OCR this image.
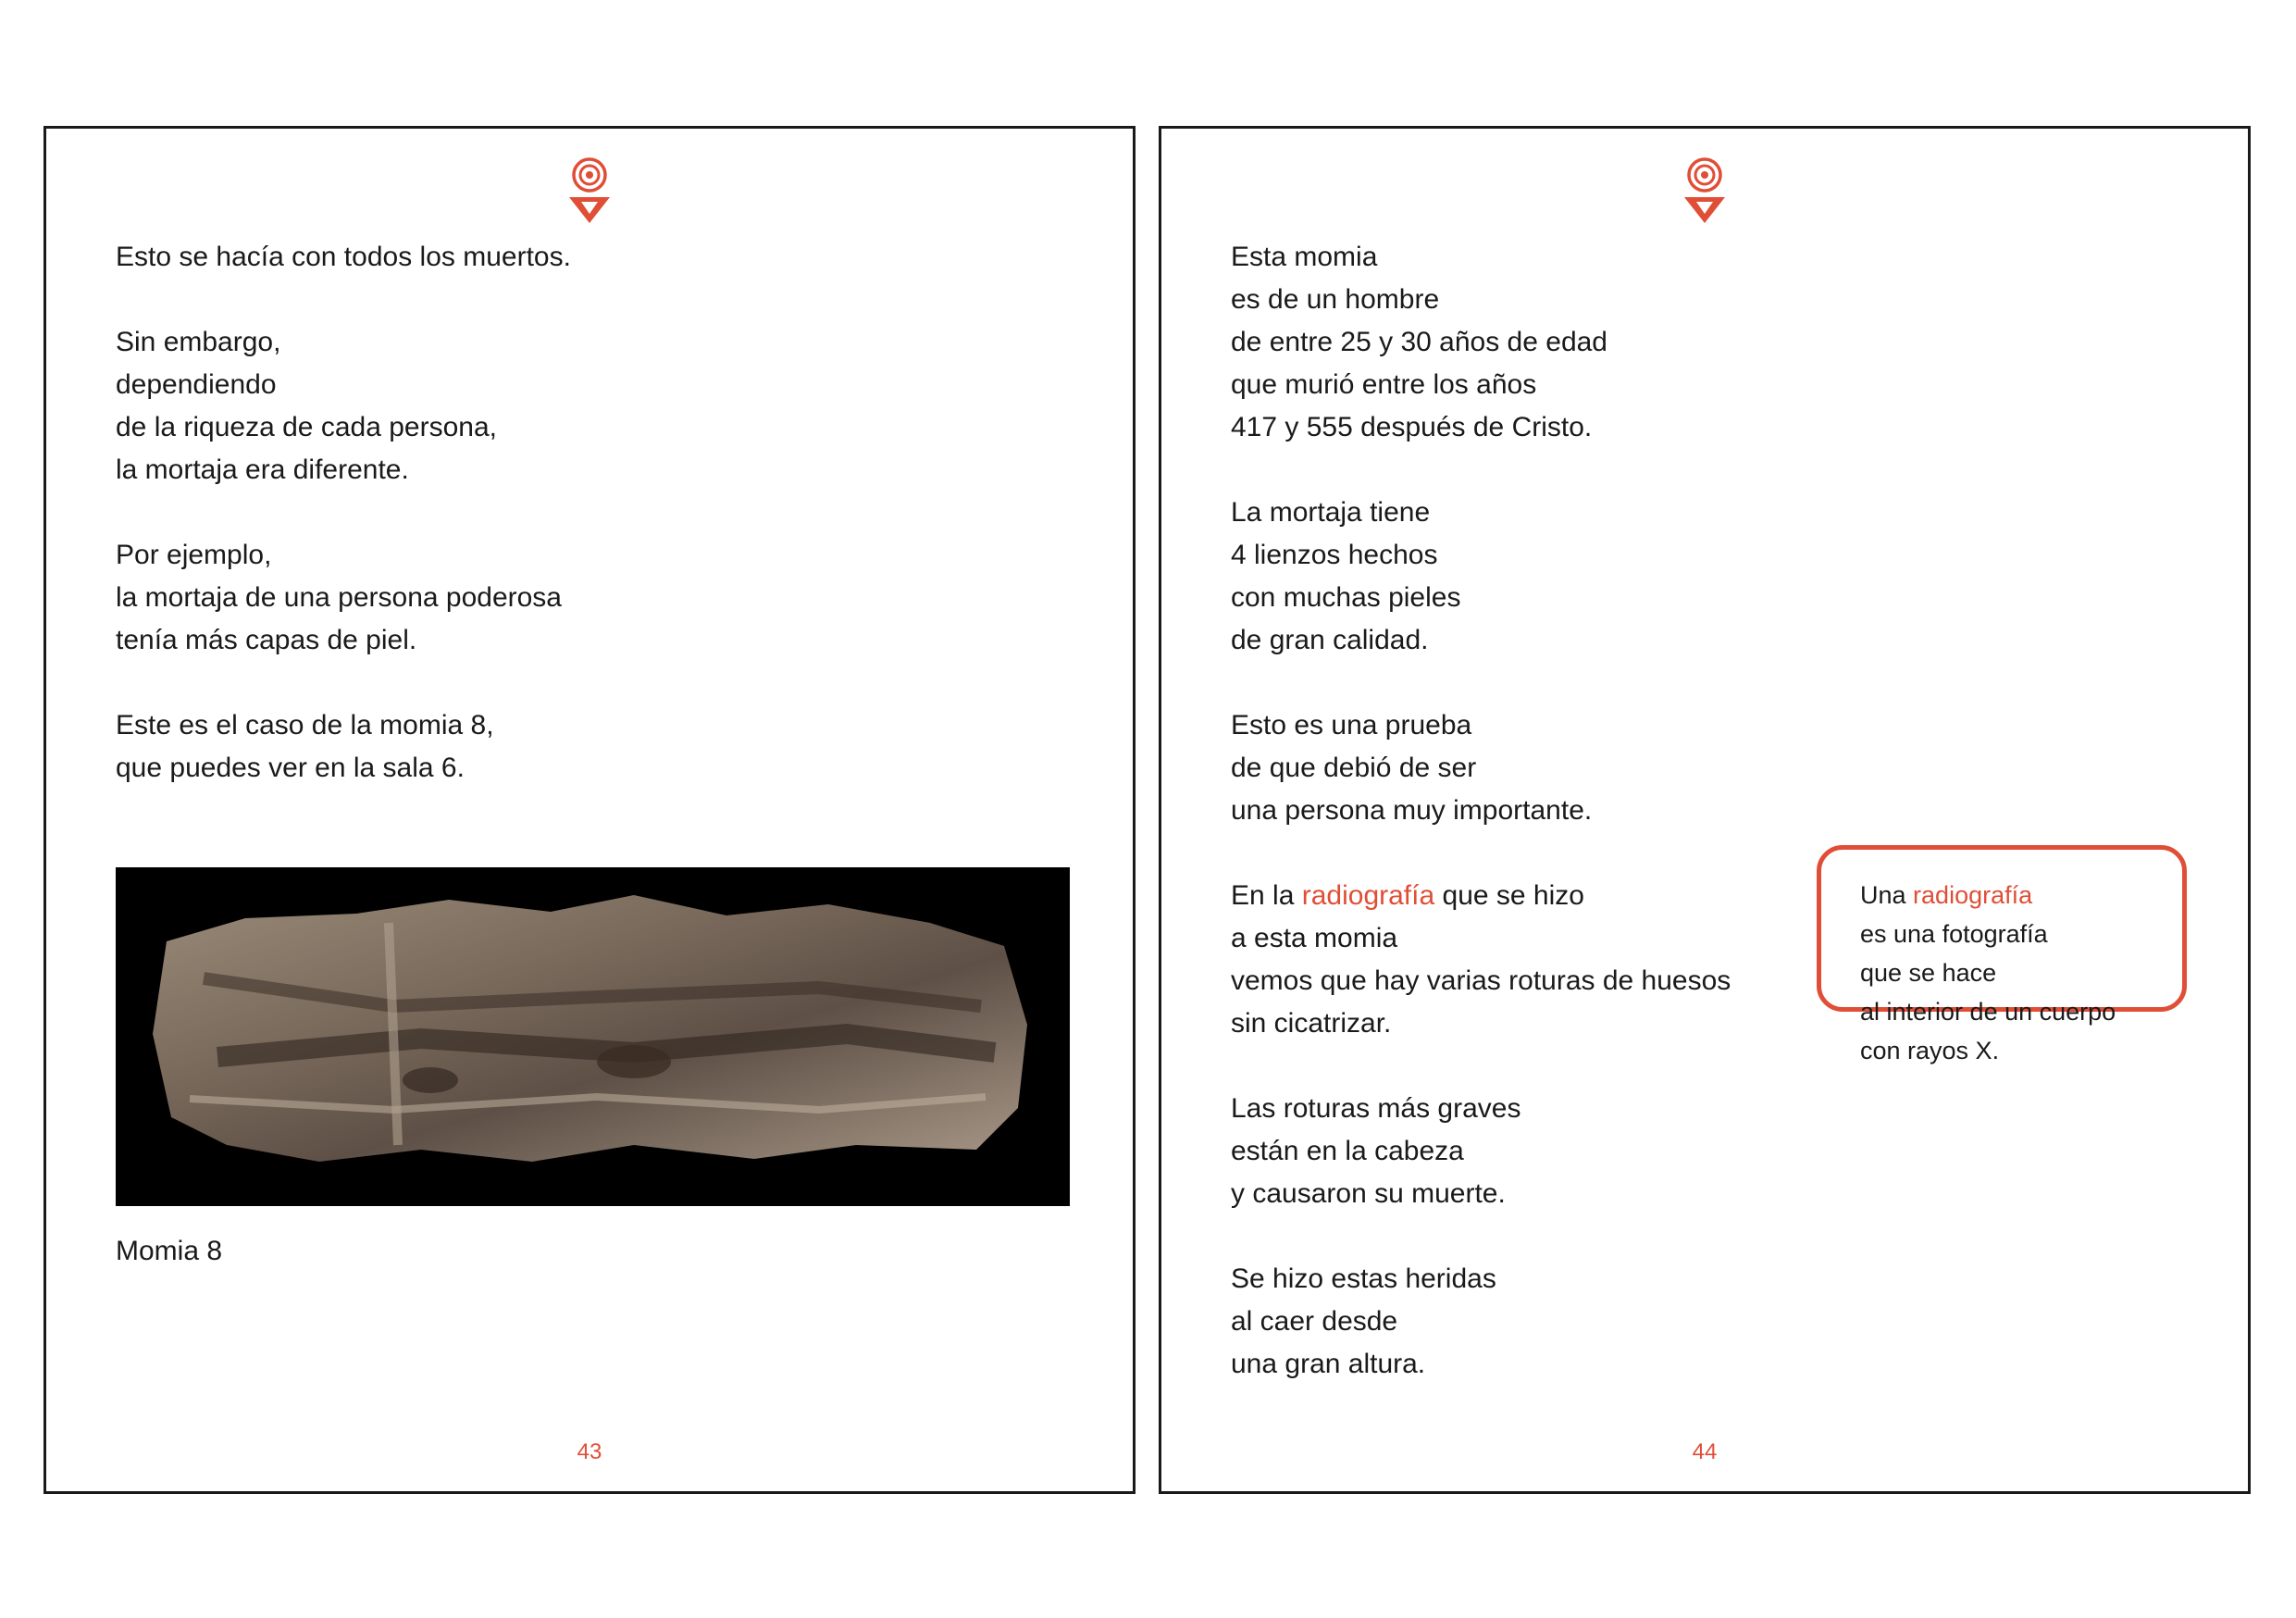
Esto se hacía con todos los muertos.
Sin embargo,
dependiendo
de la riqueza de cada persona,
la mortaja era diferente.
Por ejemplo,
la mortaja de una persona poderosa
tenía más capas de piel.
Este es el caso de la momia 8,
que puedes ver en la sala 6.
Momia 8
43
Esta momia
es de un hombre
de entre 25 y 30 años de edad
que murió entre los años
417 y 555 después de Cristo.
La mortaja tiene
4 lienzos hechos
con muchas pieles
de gran calidad.
Esto es una prueba
de que debió de ser
una persona muy importante.
En la radiografía que se hizo
a esta momia
vemos que hay varias roturas de huesos
sin cicatrizar.
Las roturas más graves
están en la cabeza
y causaron su muerte.
Se hizo estas heridas
al caer desde
una gran altura.
Una radiografía
es una fotografía
que se hace
al interior de un cuerpo
con rayos X.
44
